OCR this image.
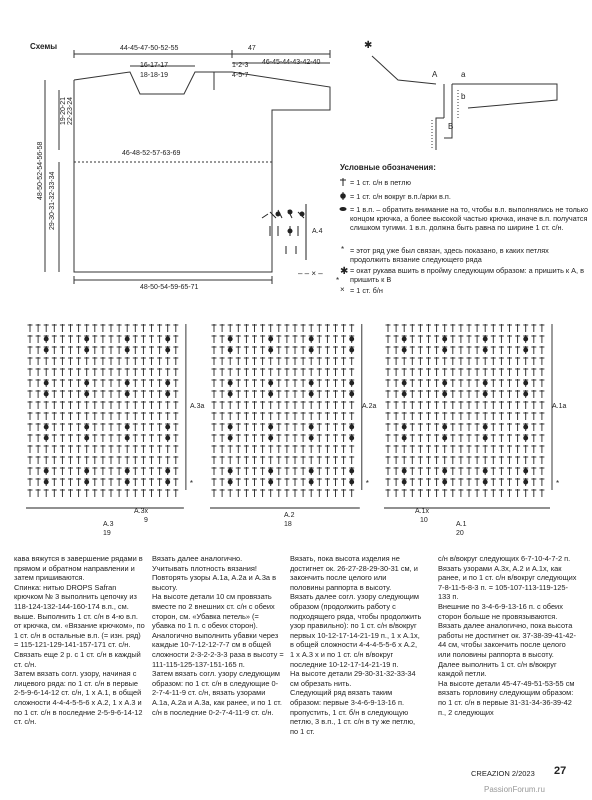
Схемы	44-45-47-50-52-55	47
46-45-44-43-42-40
16-17-17
18-18-19
1-2-3
4-5-7
46-48-52-57-63-69
48-50-54-59-65-71
19-20-21 22-23-24
48-50-52-54-56-58
29-30-31-32-33-34
✱
A	a
b
B
Условные обозначения:
= 1 ст. с/н в петлю
= 1 ст. с/н вокруг в.п./арки в.п.
= 1 в.п. – обратить внимание на то, чтобы в.п. выполнялись не только концом крючка, а более высокой частью крючка, иначе в.п. получатся слишком тугими. 1 в.п. должна быть равна по ширине 1 ст. с/н.
= этот ряд уже был связан, здесь показано, в каких петлях продолжить вязание следующего ряда
= окат рукава вшить в пройму следующим образом: а пришить к A, в пришить к B
= 1 ст. б/н
*
✱
×
– – × –
A.4
*
*	*	*
A.3a
A.3x
9
A.3
19
A.2a
A.2
18
A.1a
A.1x
10
A.1
20

кава вяжутся в завершение рядами в прямом и обратном направлении и затем пришиваются.

Спинка: нитью DROPS Safran крючком № 3 выполнить цепочку из 118-124-132-144-160-174 в.п., см. выше. Выполнить 1 ст. с/н в 4-ю в.п. от крючка, см. «Вязание крючком», по 1 ст. с/н в остальные в.п. (= изн. ряд) = 115-121-129-141-157-171 ст. с/н.

Связать еще 2 р. с 1 ст. с/н в каждый ст. с/н.

Затем вязать согл. узору, начиная с лицевого ряда: по 1 ст. с/н в первые 2-5-9-6-14-12 ст. с/н, 1 х A.1, в общей сложности 4-4-4-5-5-6 х A.2, 1 х A.3 и по 1 ст. с/н в последние 2-5-9-6-14-12 ст. с/н.

Вязать далее аналогично.

Учитывать плотность вязания! Повторять узоры A.1a, A.2a и A.3a в высоту.

На высоте детали 10 см провязать вместе по 2 внешних ст. с/н с обеих сторон, см. «Убавка петель» (= убавка по 1 п. с обеих сторон).

Аналогично выполнить убавки через каждые 10-7-12-12-7-7 см в общей сложности 2-3-2-2-3-3 раза в высоту = 111-115-125-137-151-165 п.

Затем вязать согл. узору следующим образом: по 1 ст. с/н в следующие 0-2-7-4-11-9 ст. с/н, вязать узорами A.1a, A.2a и A.3a, как ранее, и по 1 ст. с/н в последние 0-2-7-4-11-9 ст. с/н.

Вязать, пока высота изделия не достигнет ок. 26-27-28-29-30-31 см, и закончить после целого или половины раппорта в высоту.

Вязать далее согл. узору следующим образом (продолжить работу с подходящего ряда, чтобы продолжить узор правильно): по 1 ст. с/н в/вокруг первых 10-12-17-14-21-19 п., 1 х A.1x, в общей сложности 4-4-4-5-5-6 х A.2, 1 х A.3 x и по 1 ст. с/н в/вокруг последние 10-12-17-14-21-19 п.

На высоте детали 29-30-31-32-33-34 см обрезать нить.

Следующий ряд вязать таким образом: первые 3-4-6-9-13-16 п. пропустить, 1 ст. б/н в следующую петлю, 3 в.п., 1 ст. с/н в ту же петлю, по 1 ст.

с/н в/вокруг следующих 6-7-10-4-7-2 п. Вязать узорами A.3x, A.2 и A.1x, как ранее, и по 1 ст. с/н в/вокруг следующих 7-8-11-5-8-3 п. = 105-107-113-119-125-133 п.

Внешние по 3-4-6-9-13-16 п. с обеих сторон больше не провязываются.

Вязать далее аналогично, пока высота работы не достигнет ок. 37-38-39-41-42-44 см, чтобы закончить после целого или половины раппорта в высоту.

Далее выполнить 1 ст. с/н в/вокруг каждой петли.

На высоте детали 45-47-49-51-53-55 см вязать горловину следующим образом: по 1 ст. с/н в первые 31-31-34-36-39-42 п., 2 следующих

CREAZION 2/2023 27
PassionForum.ru
